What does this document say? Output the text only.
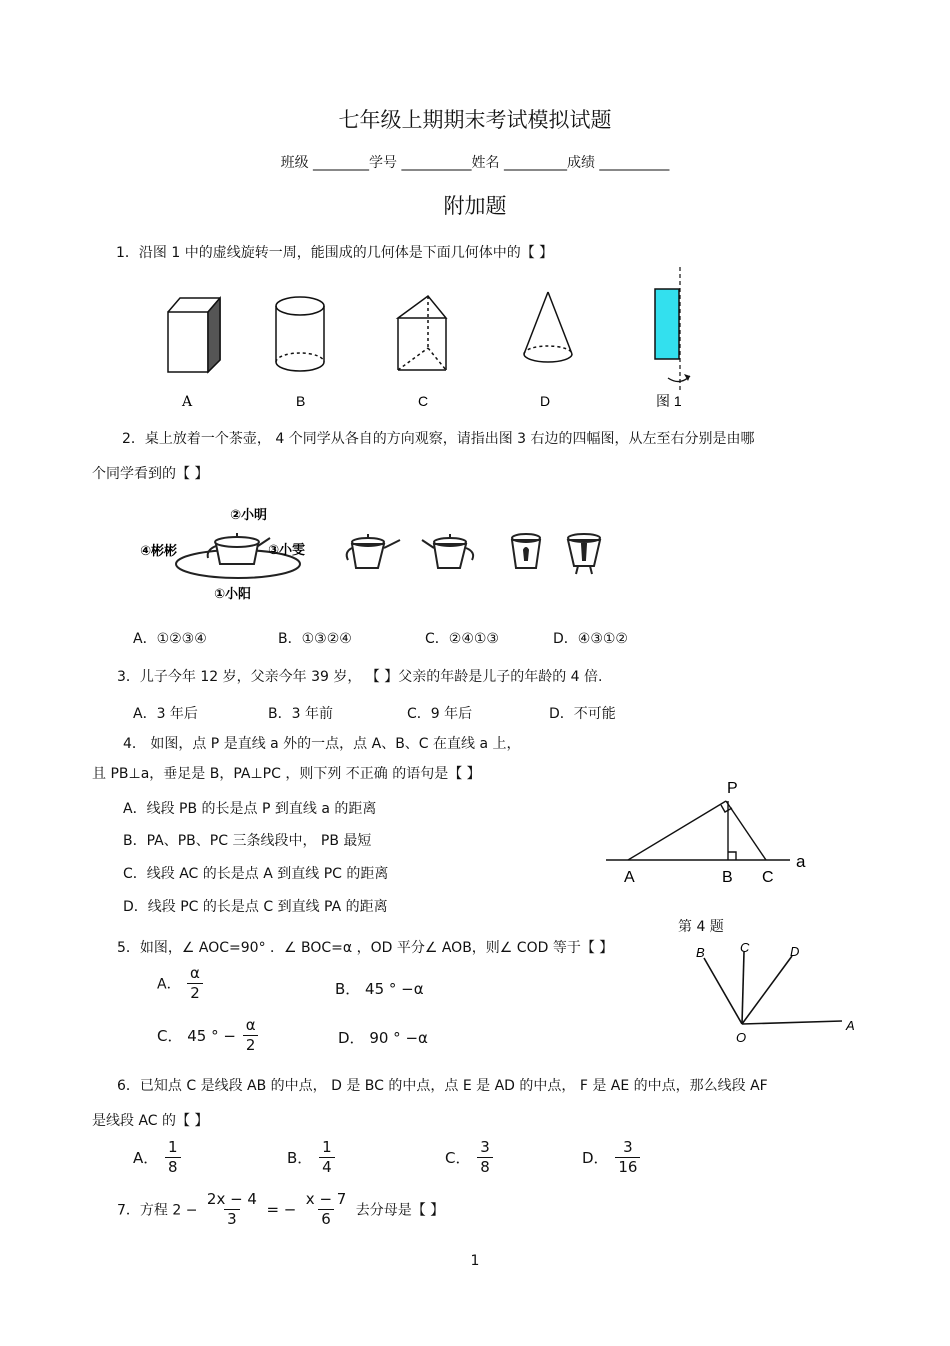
七年级上期期末考试模拟试题
班级 ________学号 __________姓名 _________成绩 __________
附加题
1．沿图 1 中的虚线旋转一周，能围成的几何体是下面几何体中的【 】
A	B	C	D	图 1
2．桌上放着一个茶壶， 4 个同学从各自的方向观察，请指出图 3 右边的四幅图，从左至右分别是由哪
个同学看到的【 】
②小明
④彬彬	③小雯
①小阳
A．①②③④	B．①③②④	C．②④①③	D．④③①②
3．儿子今年 12 岁，父亲今年 39 岁， 【 】父亲的年龄是儿子的年龄的 4 倍.
A．3 年后	B．3 年前	C．9 年后	D．不可能
4． 如图，点 P 是直线 a 外的一点，点 A、B、C 在直线 a 上，
且 PB⊥a，垂足是 B，PA⊥PC ，则下列 不正确 的语句是【 】
A．线段 PB 的长是点 P 到直线 a 的距离
B．PA、PB、PC 三条线段中， PB 最短
C．线段 AC 的长是点 A 到直线 PC 的距离
D．线段 PC 的长是点 C 到直线 PA 的距离
P
A	B C
a
第 4 题
5．如图，∠ AOC=90° ．∠ BOC=α ，OD 平分∠ AOB，则∠ COD 等于【 】
A． $\frac{\alpha}{2}$	B． 45 ° −α
C． 45 ° − $\frac{\alpha}{2}$	D． 90 ° −α
B	C	D
O
A
6．已知点 C 是线段 AB 的中点， D 是 BC 的中点，点 E 是 AD 的中点， F 是 AE 的中点，那么线段 AF
是线段 AC 的【 】
A． $\frac{1}{8}$	B． $\frac{1}{4}$	C． $\frac{3}{8}$	D． $\frac{3}{16}$
7．方程 $2 - \frac{2x - 4}{3}$ = − $\frac{x - 7}{6}$ 去分母是【 】
1
